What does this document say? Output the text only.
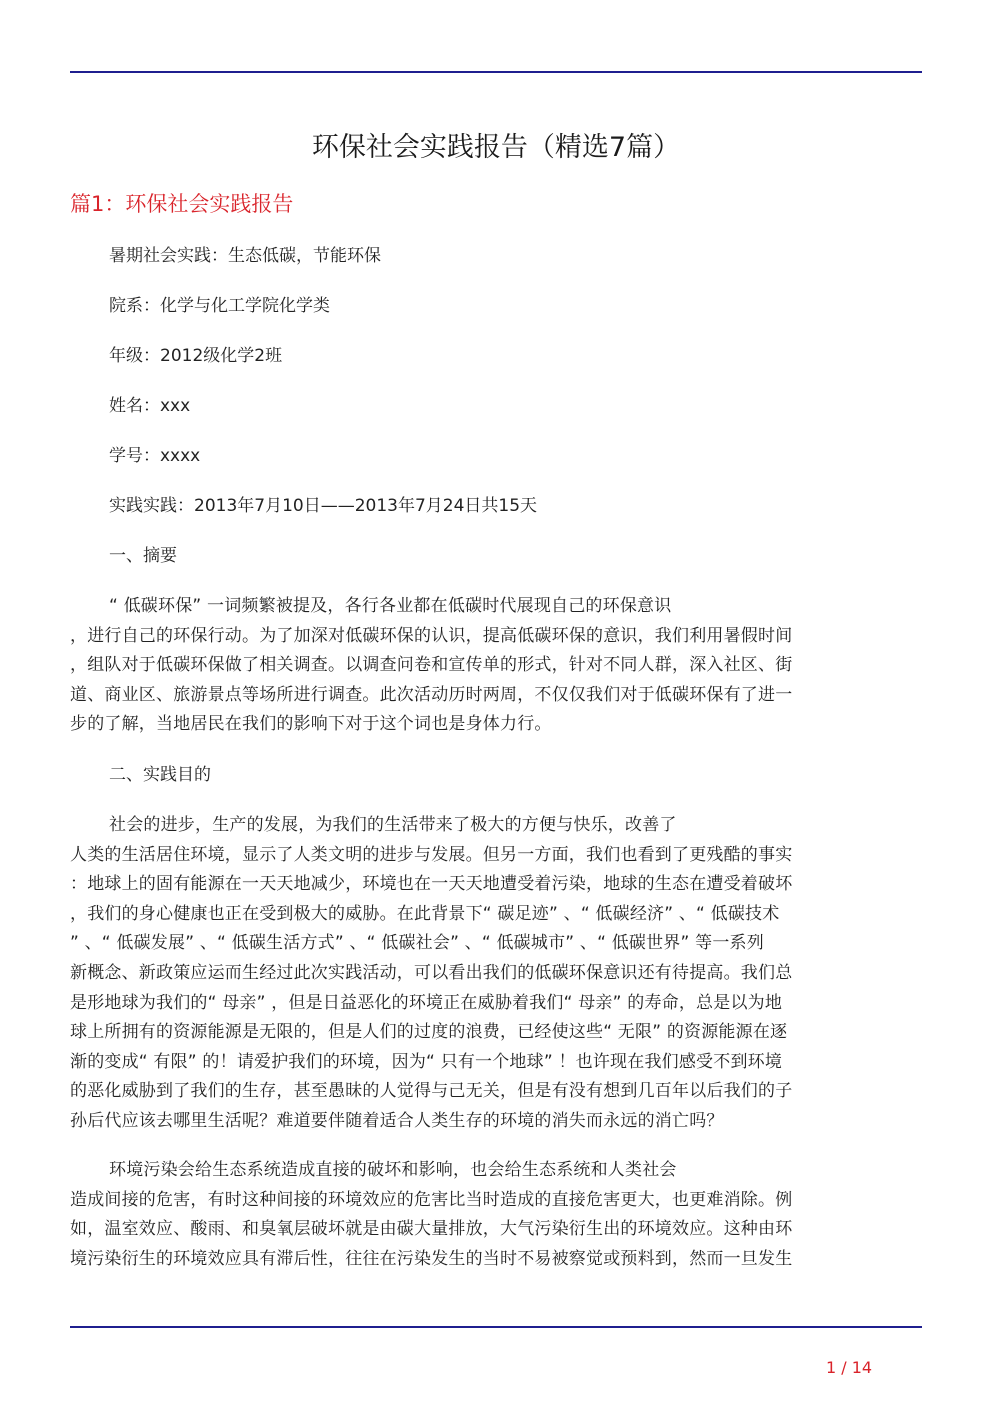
环保社会实践报告（精选7篇）
篇1：环保社会实践报告
暑期社会实践：生态低碳，节能环保
院系：化学与化工学院化学类
年级：2012级化学2班
姓名：xxx
学号：xxxx
实践实践：2013年7月10日——2013年7月24日共15天
一、摘要
“ 低碳环保” 一词频繁被提及，各行各业都在低碳时代展现自己的环保意识
，进行自己的环保行动。为了加深对低碳环保的认识，提高低碳环保的意识，我们利用暑假时间
，组队对于低碳环保做了相关调查。以调查问卷和宣传单的形式，针对不同人群，深入社区、街
道、商业区、旅游景点等场所进行调查。此次活动历时两周，不仅仅我们对于低碳环保有了进一
步的了解，当地居民在我们的影响下对于这个词也是身体力行。
二、实践目的
社会的进步，生产的发展，为我们的生活带来了极大的方便与快乐，改善了
人类的生活居住环境，显示了人类文明的进步与发展。但另一方面，我们也看到了更残酷的事实
：地球上的固有能源在一天天地减少，环境也在一天天地遭受着污染，地球的生态在遭受着破坏
，我们的身心健康也正在受到极大的威胁。在此背景下“ 碳足迹” 、“ 低碳经济” 、“ 低碳技术
” 、“ 低碳发展” 、“ 低碳生活方式” 、“ 低碳社会” 、“ 低碳城市” 、“ 低碳世界” 等一系列
新概念、新政策应运而生经过此次实践活动，可以看出我们的低碳环保意识还有待提高。我们总
是形地球为我们的“ 母亲” ，但是日益恶化的环境正在威胁着我们“ 母亲” 的寿命，总是以为地
球上所拥有的资源能源是无限的，但是人们的过度的浪费，已经使这些“ 无限” 的资源能源在逐
渐的变成“ 有限” 的！请爱护我们的环境，因为“ 只有一个地球” ！也许现在我们感受不到环境
的恶化威胁到了我们的生存，甚至愚昧的人觉得与己无关，但是有没有想到几百年以后我们的子
孙后代应该去哪里生活呢？难道要伴随着适合人类生存的环境的消失而永远的消亡吗？
环境污染会给生态系统造成直接的破坏和影响，也会给生态系统和人类社会
造成间接的危害，有时这种间接的环境效应的危害比当时造成的直接危害更大，也更难消除。例
如，温室效应、酸雨、和臭氧层破坏就是由碳大量排放，大气污染衍生出的环境效应。这种由环
境污染衍生的环境效应具有滞后性，往往在污染发生的当时不易被察觉或预料到，然而一旦发生
1 / 14
